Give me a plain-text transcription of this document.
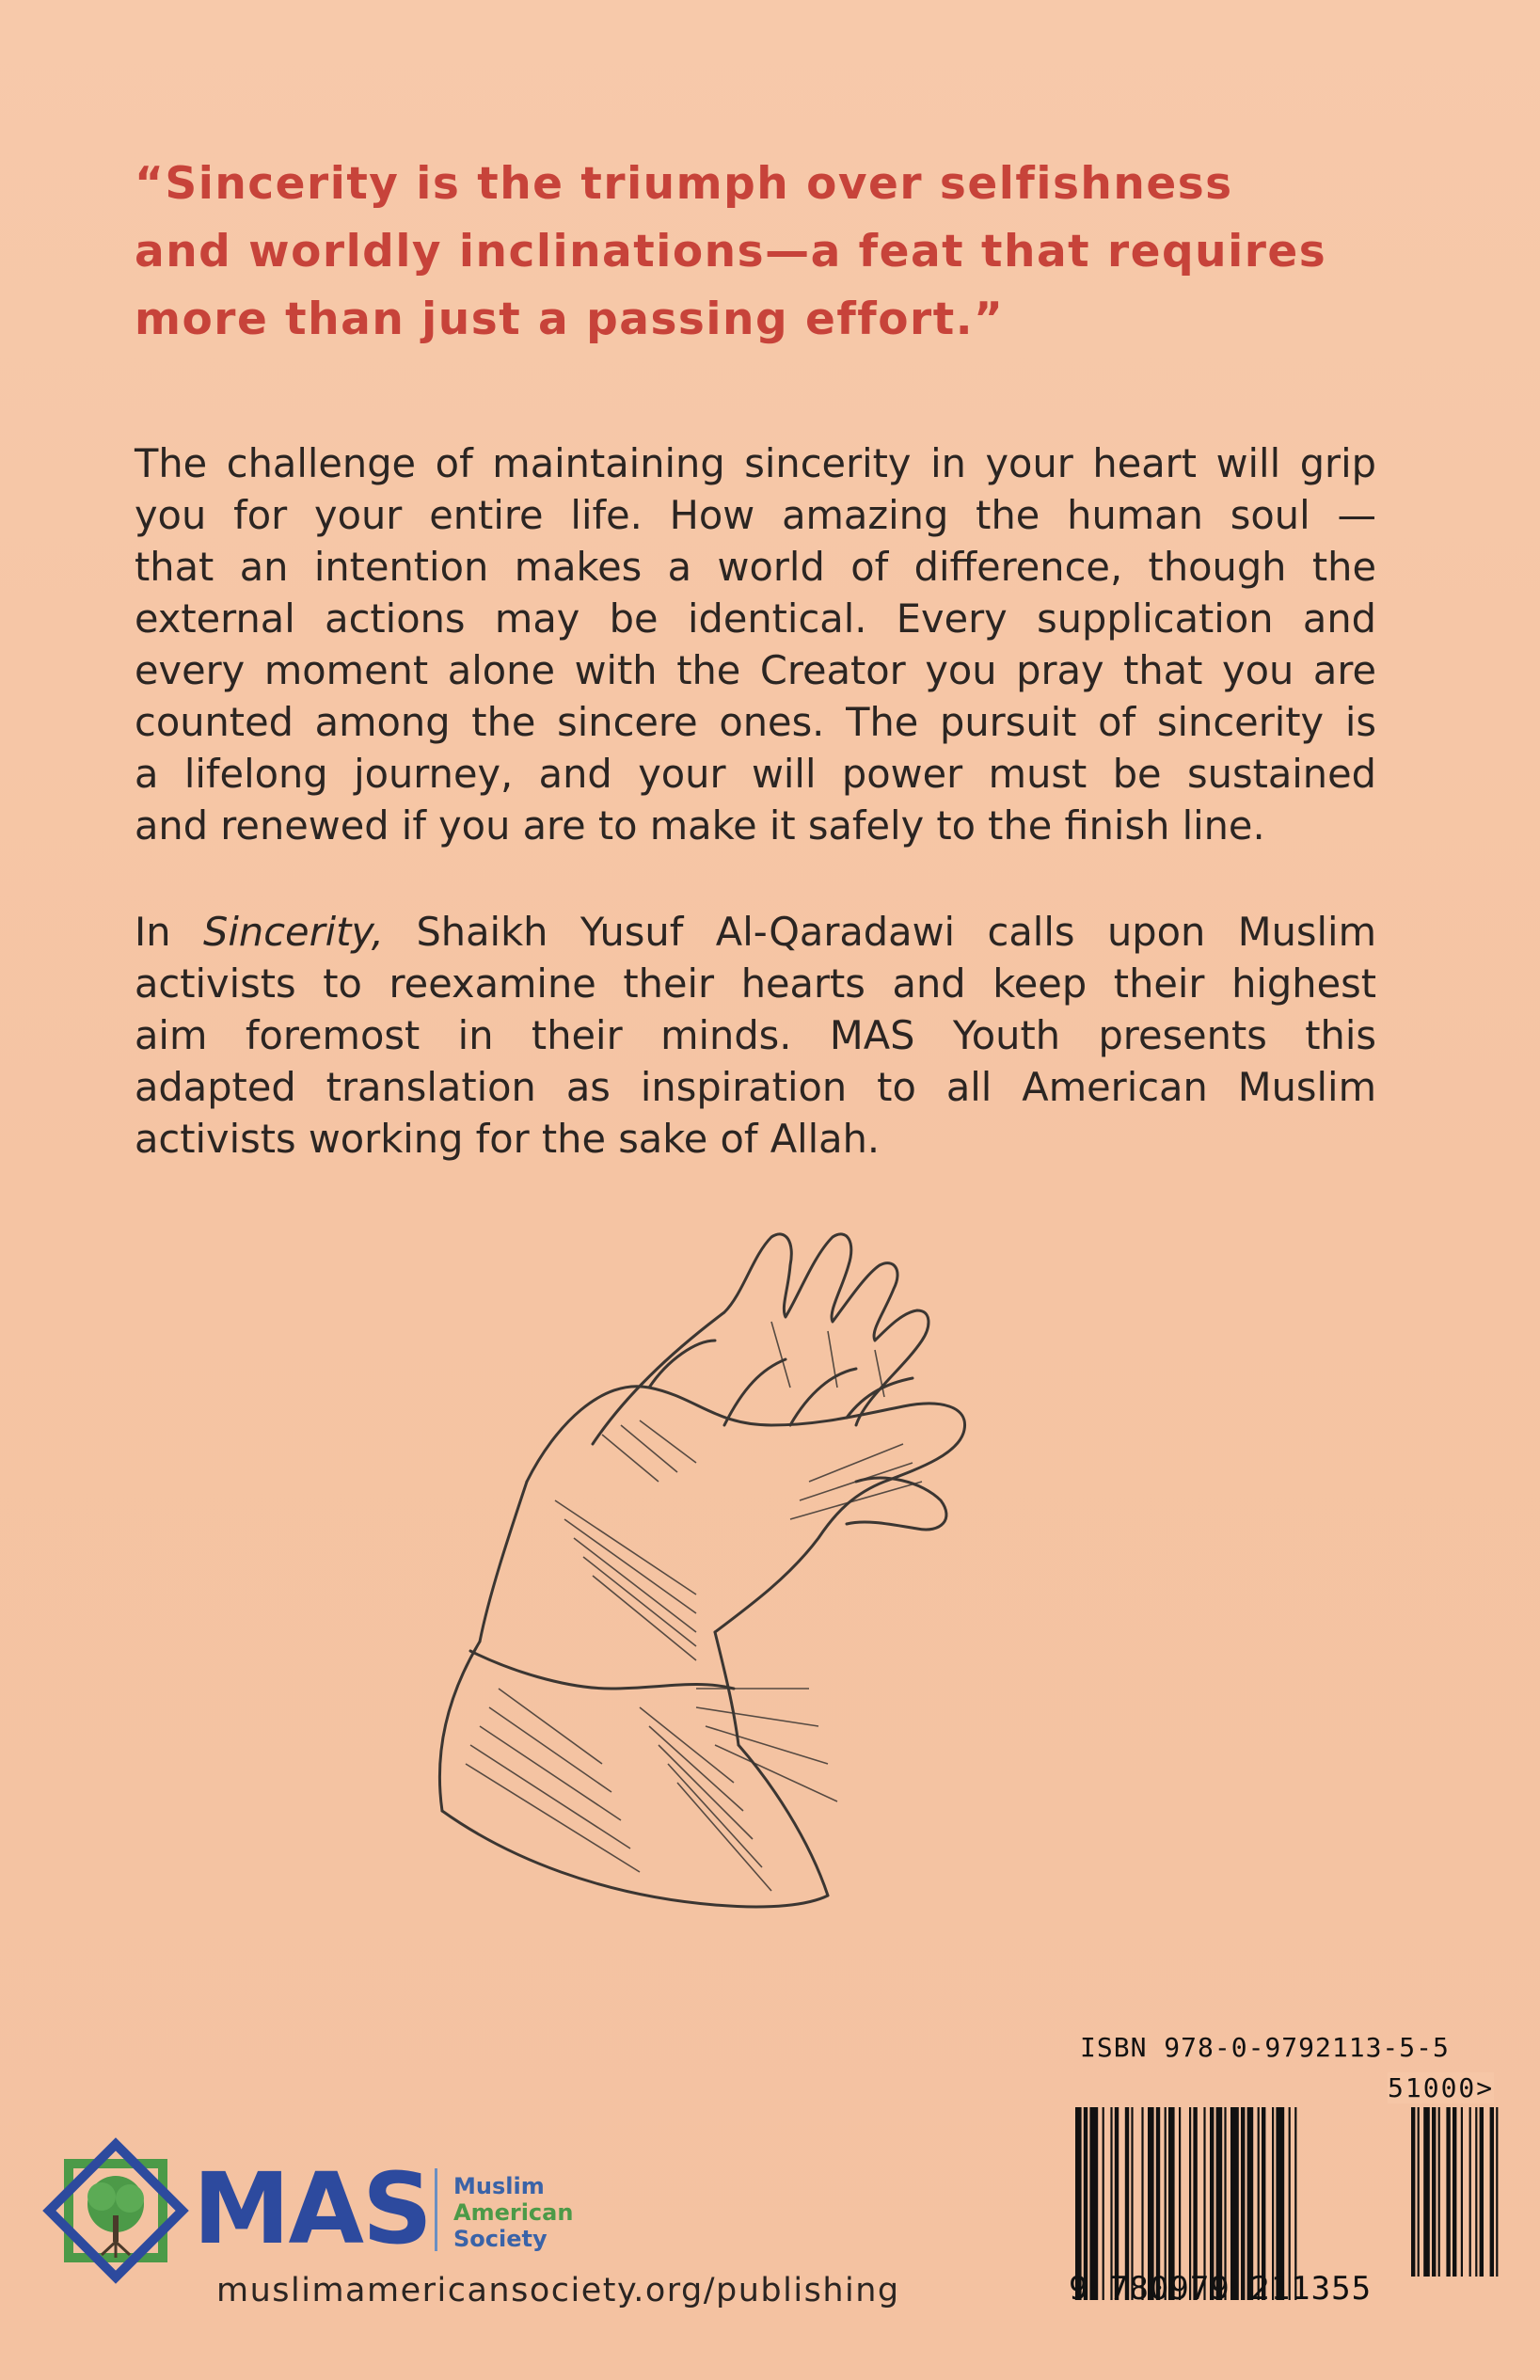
“Sincerity is the triumph over selfishness
and worldly inclinations—a feat that requires
more than just a passing effort.”
The challenge of maintaining sincerity in your heart will grip
you for your entire life. How amazing the human soul —
that an intention makes a world of difference, though the
external actions may be identical. Every supplication and
every moment alone with the Creator you pray that you are
counted among the sincere ones. The pursuit of sincerity is
a lifelong journey, and your will power must be sustained
and renewed if you are to make it safely to the finish line.
In Sincerity, Shaikh Yusuf Al-Qaradawi calls upon Muslim
activists to reexamine their hearts and keep their highest
aim foremost in their minds. MAS Youth presents this
adapted translation as inspiration to all American Muslim
activists working for the sake of Allah.
MAS Muslim
American
Society
muslimamericansociety.org/publishing
ISBN 978-0-9792113-5-5
51000>
9 780979 211355
